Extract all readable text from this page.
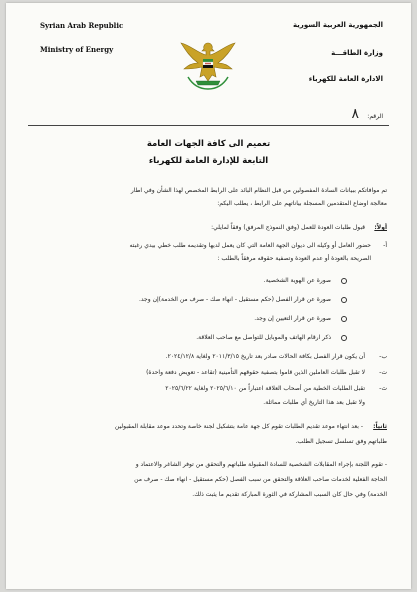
Syrian Arab Republic
Ministry of Energy
الجمهورية العربية السورية
وزارة الطاقـــة
الادارة العامة للكهرباء
الرقم:
٨
تعميم الى كافة الجهات العامة
التابعة للإدارة العامة للكهرباء
تم موافاتكم ببيانات السادة المفصولين من قبل النظام البائد على الرابط المخصص لهذا الشأن وفي اطار
معالجة اوضاع المتقدمين المسجلة بياناتهم على الرابط ، يطلب اليكم:
أولاً:
قبول طلبات العودة للعمل (وفق النموذج المرفق) وفقاً لمايلي:
أ-
حضور العامل أو وكيله الى ديوان الجهة العامة التي كان يعمل لديها وتقديمه طلب خطي بيدي رغبته
الصريحة بالعودة أو عدم العودة وتصفية حقوقه مرفقاً بالطلب :
صورة عن الهوية الشخصية.
صورة عن قرار الفصل (حكم مستقيل - انهاء صك - صرف من الخدمة)إن وجد.
صورة عن قرار التعيين إن وجد.
ذكر ارقام الهاتف والموبايل للتواصل مع صاحب العلاقة.
ب-
أن يكون قرار الفصل بكافة الحالات صادر بعد تاريخ ٢٠١١/٣/١٥ ولغاية ٢٠٢٤/١٢/٨.
ت-
لا تقبل طلبات العاملين الذين قاموا بتصفية حقوقهم التأمينية (تقاعد - تعويض دفعة واحدة)
ث-
تقبل الطلبات الخطية من أصحاب العلاقة اعتباراً من ٢٠٢٥/٦/١٠ ولغاية ٢٠٢٥/٦/٢٢
ولا تقبل بعد هذا التاريخ أي طلبات مماثلة.
ثانياً:
- بعد انتهاء موعد تقديم الطلبات تقوم كل جهة عامة بتشكيل لجنة خاصة وتحدد موعد مقابلة المقبولين
طلباتهم وفق تسلسل تسجيل الطلب.
- تقوم اللجنة بإجراء المقابلات الشخصية للسادة المقبولة طلباتهم والتحقق من توفر الشاغر والاعتماد و
الحاجة الفعلية لخدمات صاحب العلاقة والتحقق من سبب الفصل (حكم مستقيل - انهاء صك - صرف من
الخدمة) وفي حال كان السبب المشاركة في الثورة المباركة تقديم ما يثبت ذلك.
